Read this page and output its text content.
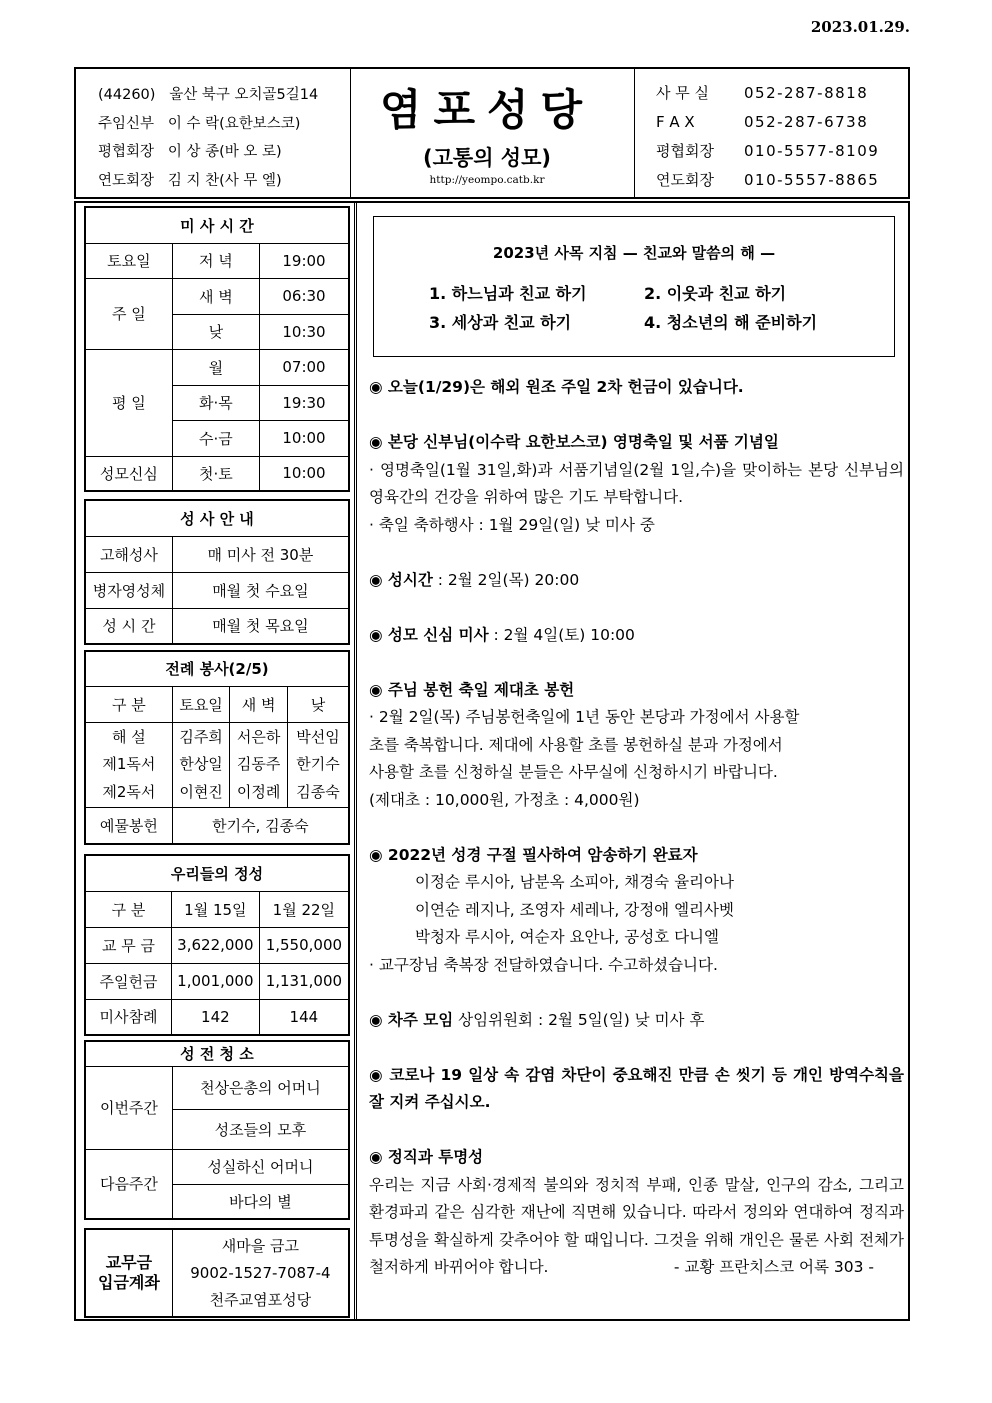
2023.01.29.
(44260)   울산 북구 오치골5길14
주임신부   이 수 락(요한보스코)
평협회장   이 상 종(바 오 로)
연도회장   김 지 찬(사 무 엘)
염포성당
(고통의 성모)
http://yeompo.catb.kr
사 무 실	052-287-8818
F A X	052-287-6738
평협회장	010-5577-8109
연도회장	010-5557-8865
미 사 시 간		
토요일	저 녁	19:00
주 일	새 벽	06:30
	낮	10:30
평 일	월	07:00
	화·목	19:30
	수·금	10:00
성모신심	첫·토	10:00
성 사 안 내	
고해성사	매 미사 전 30분
병자영성체	매월 첫 수요일
성 시 간	매월 첫 목요일
전례 봉사(2/5)			
구 분	토요일	새 벽	낮
해 설	김주희	서은하	박선임
제1독서	한상일	김동주	한기수
제2독서	이현진	이정례	김종숙
예물봉헌	한기수, 김종숙		
우리들의 정성		
구 분	1월 15일	1월 22일
교 무 금	3,622,000	1,550,000
주일헌금	1,001,000	1,131,000
미사참례	142	144
성 전 청 소	
이번주간	천상은총의 어머니
	성조들의 모후
다음주간	성실하신 어머니
	바다의 별
교무금
입금계좌

새마을 금고
9002-1527-7087-4
천주교염포성당
2023년 사목 지침 — 친교와 말씀의 해 —
1. 하느님과 친교 하기	2. 이웃과 친교 하기
3. 세상과 친교 하기	4. 청소년의 해 준비하기

◉ 오늘(1/29)은 해외 원조 주일 2차 헌금이 있습니다.

◉ 본당 신부님(이수락 요한보스코) 영명축일 및 서품 기념일

· 영명축일(1월 31일,화)과 서품기념일(2월 1일,수)을 맞이하는 본당 신부님의 영육간의 건강을 위하여 많은 기도 부탁합니다.

· 축일 축하행사 : 1월 29일(일) 낮 미사 중

◉ 성시간 : 2월 2일(목) 20:00

◉ 성모 신심 미사 : 2월 4일(토) 10:00

◉ 주님 봉헌 축일 제대초 봉헌

· 2월 2일(목) 주님봉헌축일에 1년 동안 본당과 가정에서 사용할

초를 축복합니다. 제대에 사용할 초를 봉헌하실 분과 가정에서

사용할 초를 신청하실 분들은 사무실에 신청하시기 바랍니다.

(제대초 : 10,000원, 가정초 : 4,000원)

◉ 2022년 성경 구절 필사하여 암송하기 완료자

이정순 루시아, 남분옥 소피아, 채경숙 율리아나

이연순 레지나, 조영자 세레나, 강정애 엘리사벳

박청자 루시아, 여순자 요안나, 공성호 다니엘

· 교구장님 축복장 전달하였습니다. 수고하셨습니다.

◉ 차주 모임 상임위원회 : 2월 5일(일) 낮 미사 후

◉ 코로나 19 일상 속 감염 차단이 중요해진 만큼 손 씻기 등 개인 방역수칙을 잘 지켜 주십시오.

◉ 정직과 투명성

우리는 지금 사회·경제적 불의와 정치적 부패, 인종 말살, 인구의 감소, 그리고 환경파괴 같은 심각한 재난에 직면해 있습니다. 따라서 정의와 연대하여 정직과 투명성을 확실하게 갖추어야 할 때입니다. 그것을 위해 개인은 물론 사회 전체가 철저하게 바뀌어야 합니다.	- 교황 프란치스코 어록 303 -
